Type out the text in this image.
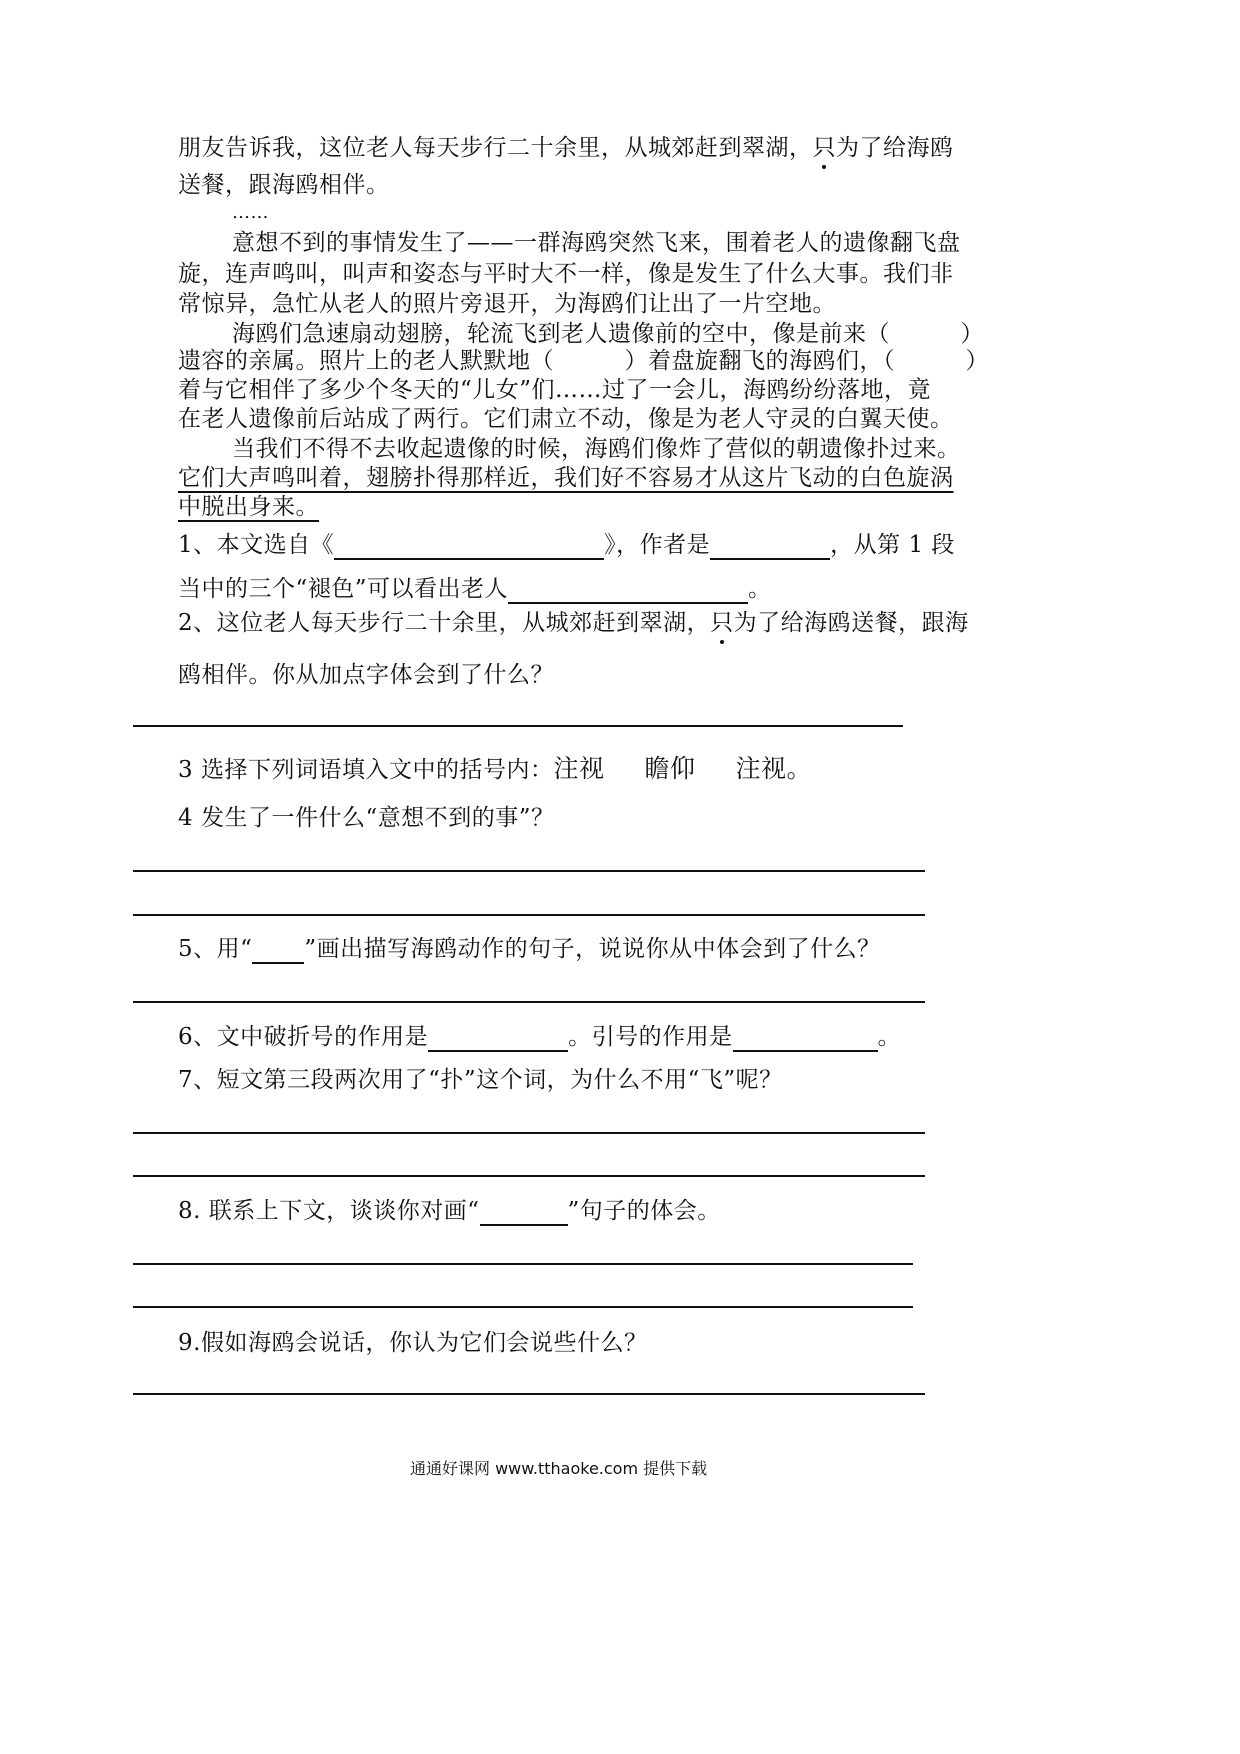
朋友告诉我，这位老人每天步行二十余里，从城郊赶到翠湖，只为了给海鸥
送餐，跟海鸥相伴。
……
意想不到的事情发生了——一群海鸥突然飞来，围着老人的遗像翻飞盘
旋，连声鸣叫，叫声和姿态与平时大不一样，像是发生了什么大事。我们非
常惊异，急忙从老人的照片旁退开，为海鸥们让出了一片空地。
海鸥们急速扇动翅膀，轮流飞到老人遗像前的空中，像是前来（　　　）
遗容的亲属。照片上的老人默默地（　　　）着盘旋翻飞的海鸥们，（　　　）
着与它相伴了多少个冬天的“儿女”们……过了一会儿，海鸥纷纷落地，竟
在老人遗像前后站成了两行。它们肃立不动，像是为老人守灵的白翼天使。
当我们不得不去收起遗像的时候，海鸥们像炸了营似的朝遗像扑过来。
它们大声鸣叫着，翅膀扑得那样近，我们好不容易才从这片飞动的白色旋涡
中脱出身来。
1、本文选自《	》，作者是	，从第 1 段
当中的三个“褪色”可以看出老人	。
2、这位老人每天步行二十余里，从城郊赶到翠湖，只为了给海鸥送餐，跟海
鸥相伴。你从加点字体会到了什么？
3 选择下列词语填入文中的括号内：注视 瞻仰 注视。
4 发生了一件什么“意想不到的事”？
5、用“ ”画出描写海鸥动作的句子，说说你从中体会到了什么？
6、文中破折号的作用是	。引号的作用是	。
7、短文第三段两次用了“扑”这个词，为什么不用“飞”呢？
8. 联系上下文，谈谈你对画“	”句子的体会。
9.假如海鸥会说话，你认为它们会说些什么？
通通好课网 www.tthaoke.com 提供下载
